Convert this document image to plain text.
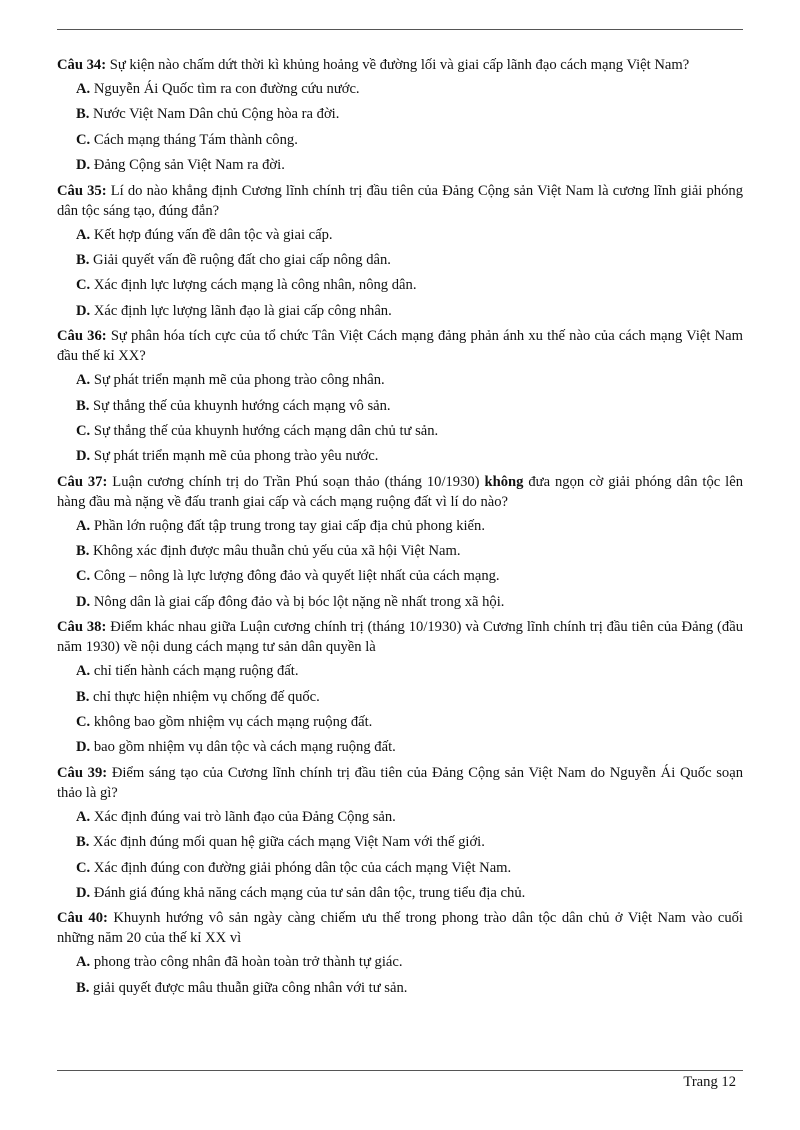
Câu 34: Sự kiện nào chấm dứt thời kì khủng hoảng về đường lối và giai cấp lãnh đạo cách mạng Việt Nam?

A. Nguyễn Ái Quốc tìm ra con đường cứu nước.
B. Nước Việt Nam Dân chủ Cộng hòa ra đời.
C. Cách mạng tháng Tám thành công.
D. Đảng Cộng sản Việt Nam ra đời.

Câu 35: Lí do nào khẳng định Cương lĩnh chính trị đầu tiên của Đảng Cộng sản Việt Nam là cương lĩnh giải phóng dân tộc sáng tạo, đúng đắn?

A. Kết hợp đúng vấn đề dân tộc và giai cấp.
B. Giải quyết vấn đề ruộng đất cho giai cấp nông dân.
C. Xác định lực lượng cách mạng là công nhân, nông dân.
D. Xác định lực lượng lãnh đạo là giai cấp công nhân.

Câu 36: Sự phân hóa tích cực của tổ chức Tân Việt Cách mạng đảng phản ánh xu thế nào của cách mạng Việt Nam đầu thế kỉ XX?

A. Sự phát triển mạnh mẽ của phong trào công nhân.
B. Sự thắng thế của khuynh hướng cách mạng vô sản.
C. Sự thắng thế của khuynh hướng cách mạng dân chủ tư sản.
D. Sự phát triển mạnh mẽ của phong trào yêu nước.

Câu 37: Luận cương chính trị do Trần Phú soạn thảo (tháng 10/1930) không đưa ngọn cờ giải phóng dân tộc lên hàng đầu mà nặng về đấu tranh giai cấp và cách mạng ruộng đất vì lí do nào?

A. Phần lớn ruộng đất tập trung trong tay giai cấp địa chủ phong kiến.
B. Không xác định được mâu thuẫn chủ yếu của xã hội Việt Nam.
C. Công – nông là lực lượng đông đảo và quyết liệt nhất của cách mạng.
D. Nông dân là giai cấp đông đảo và bị bóc lột nặng nề nhất trong xã hội.

Câu 38: Điểm khác nhau giữa Luận cương chính trị (tháng 10/1930) và Cương lĩnh chính trị đầu tiên của Đảng (đầu năm 1930) về nội dung cách mạng tư sản dân quyền là

A. chỉ tiến hành cách mạng ruộng đất.
B. chỉ thực hiện nhiệm vụ chống đế quốc.
C. không bao gồm nhiệm vụ cách mạng ruộng đất.
D. bao gồm nhiệm vụ dân tộc và cách mạng ruộng đất.

Câu 39: Điểm sáng tạo của Cương lĩnh chính trị đầu tiên của Đảng Cộng sản Việt Nam do Nguyễn Ái Quốc soạn thảo là gì?

A. Xác định đúng vai trò lãnh đạo của Đảng Cộng sản.
B. Xác định đúng mối quan hệ giữa cách mạng Việt Nam với thế giới.
C. Xác định đúng con đường giải phóng dân tộc của cách mạng Việt Nam.
D. Đánh giá đúng khả năng cách mạng của tư sản dân tộc, trung tiểu địa chủ.

Câu 40: Khuynh hướng vô sản ngày càng chiếm ưu thế trong phong trào dân tộc dân chủ ở Việt Nam vào cuối những năm 20 của thế kỉ XX vì

A. phong trào công nhân đã hoàn toàn trở thành tự giác.
B. giải quyết được mâu thuẫn giữa công nhân với tư sản.
Trang 12
